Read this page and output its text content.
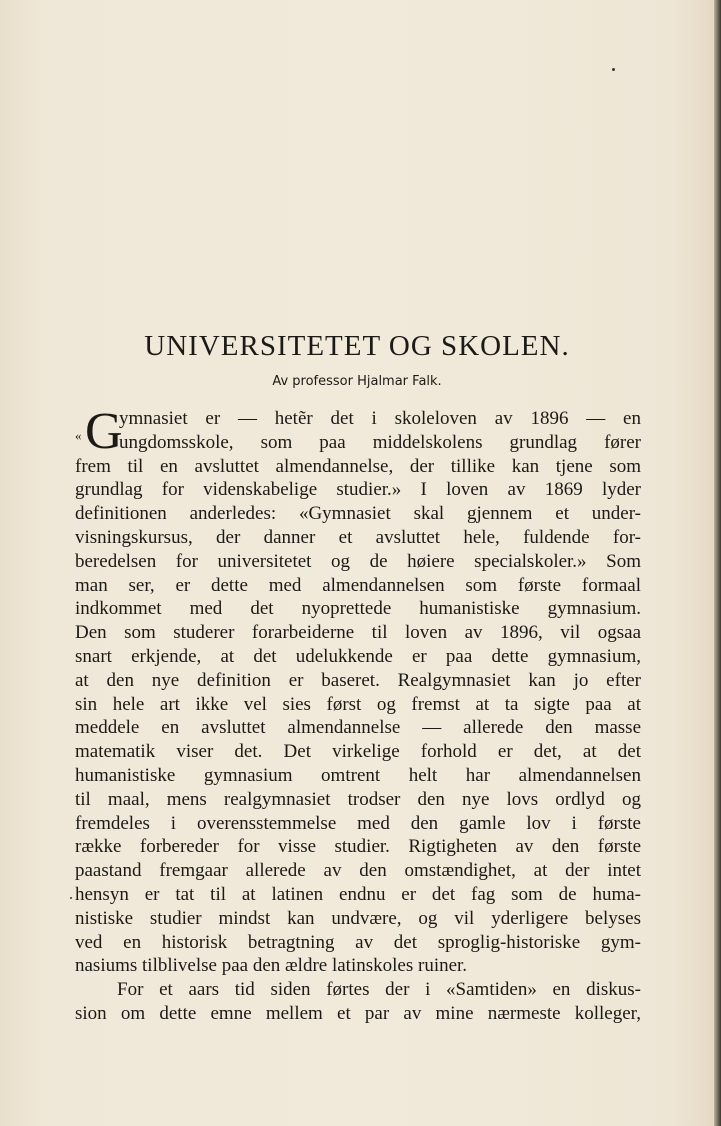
UNIVERSITETET OG SKOLEN.
Av professor Hjalmar Falk.
« G
ymnasiet er — hetẽr det i skoleloven av 1896 — en
ungdomsskole, som paa middelskolens grundlag fører
frem til en avsluttet almendannelse, der tillike kan tjene som
grundlag for videnskabelige studier.» I loven av 1869 lyder
definitionen anderledes: «Gymnasiet skal gjennem et under-
visningskursus, der danner et avsluttet hele, fuldende for-
beredelsen for universitetet og de høiere specialskoler.» Som
man ser, er dette med almendannelsen som første formaal
indkommet med det nyoprettede humanistiske gymnasium.
Den som studerer forarbeiderne til loven av 1896, vil ogsaa
snart erkjende, at det udelukkende er paa dette gymnasium,
at den nye definition er baseret. Realgymnasiet kan jo efter
sin hele art ikke vel sies først og fremst at ta sigte paa at
meddele en avsluttet almendannelse — allerede den masse
matematik viser det. Det virkelige forhold er det, at det
humanistiske gymnasium omtrent helt har almendannelsen
til maal, mens realgymnasiet trodser den nye lovs ordlyd og
fremdeles i overensstemmelse med den gamle lov i første
række forbereder for visse studier. Rigtigheten av den første
paastand fremgaar allerede av den omstændighet, at der intet
hensyn er tat til at latinen endnu er det fag som de huma-
nistiske studier mindst kan undvære, og vil yderligere belyses
ved en historisk betragtning av det sproglig-historiske gym-
nasiums tilblivelse paa den ældre latinskoles ruiner.
For et aars tid siden førtes der i «Samtiden» en diskus-
sion om dette emne mellem et par av mine nærmeste kolleger,
